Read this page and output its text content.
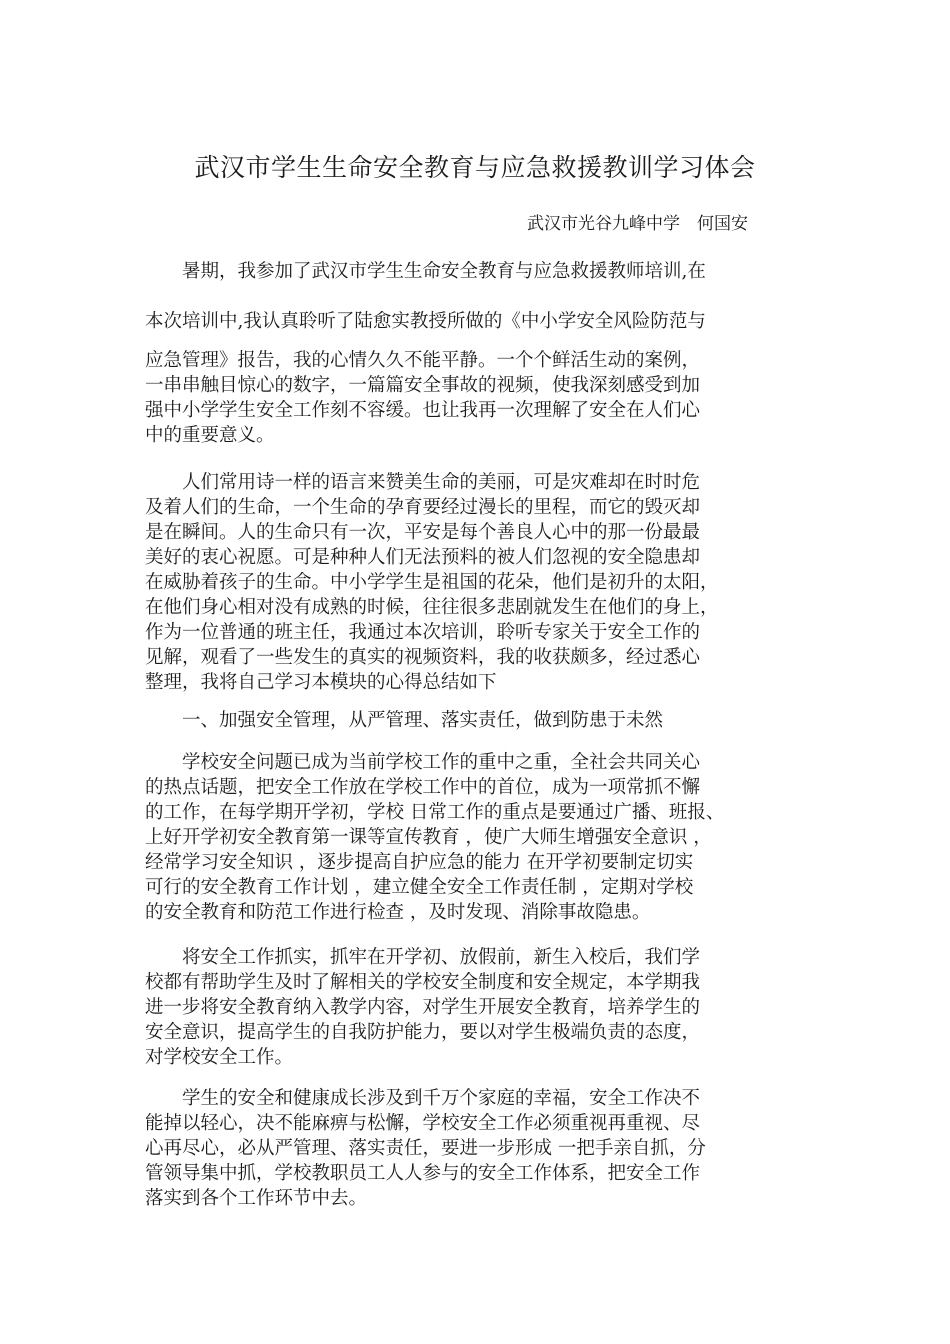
武汉市学生生命安全教育与应急救援教训学习体会
武汉市光谷九峰中学　何国安
　　暑期，我参加了武汉市学生生命安全教育与应急救援教师培训,在
本次培训中,我认真聆听了陆愈实教授所做的《中小学安全风险防范与
应急管理》报告，我的心情久久不能平静。一个个鲜活生动的案例，
一串串触目惊心的数字，一篇篇安全事故的视频，使我深刻感受到加
强中小学学生安全工作刻不容缓。也让我再一次理解了安全在人们心
中的重要意义。
　　人们常用诗一样的语言来赞美生命的美丽，可是灾难却在时时危
及着人们的生命，一个生命的孕育要经过漫长的里程，而它的毁灭却
是在瞬间。人的生命只有一次，平安是每个善良人心中的那一份最最
美好的衷心祝愿。可是种种人们无法预料的被人们忽视的安全隐患却
在威胁着孩子的生命。中小学学生是祖国的花朵，他们是初升的太阳，
在他们身心相对没有成熟的时候，往往很多悲剧就发生在他们的身上，
作为一位普通的班主任，我通过本次培训，聆听专家关于安全工作的
见解，观看了一些发生的真实的视频资料，我的收获颇多，经过悉心
整理，我将自己学习本模块的心得总结如下
　　一、加强安全管理，从严管理、落实责任，做到防患于未然
　　学校安全问题已成为当前学校工作的重中之重，全社会共同关心
的热点话题，把安全工作放在学校工作中的首位，成为一项常抓不懈
的工作，在每学期开学初，学校 日常工作的重点是要通过广播、班报、
上好开学初安全教育第一课等宣传教育 ，使广大师生增强安全意识 ，
经常学习安全知识 ，逐步提高自护应急的能力 在开学初要制定切实
可行的安全教育工作计划 ，建立健全安全工作责任制 ，定期对学校
的安全教育和防范工作进行检查 ，及时发现、消除事故隐患。
　　将安全工作抓实，抓牢在开学初、放假前，新生入校后，我们学
校都有帮助学生及时了解相关的学校安全制度和安全规定，本学期我
进一步将安全教育纳入教学内容，对学生开展安全教育，培养学生的
安全意识，提高学生的自我防护能力，要以对学生极端负责的态度，
对学校安全工作。
　　学生的安全和健康成长涉及到千万个家庭的幸福，安全工作决不
能掉以轻心，决不能麻痹与松懈，学校安全工作必须重视再重视、尽
心再尽心，必从严管理、落实责任，要进一步形成 一把手亲自抓，分
管领导集中抓，学校教职员工人人参与的安全工作体系，把安全工作
落实到各个工作环节中去。
